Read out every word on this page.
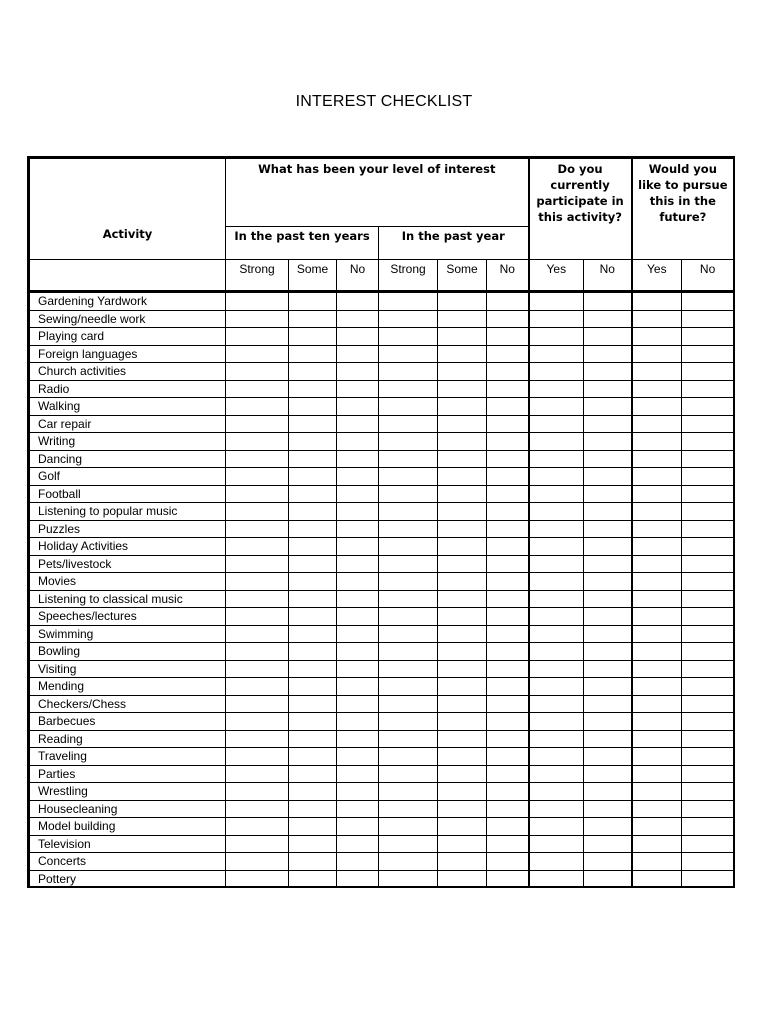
INTEREST CHECKLIST
Activity	What has been your level of interest						Do you currently participate in this activity?		Would you like to pursue this in the future?	
	In the past ten years			In the past year						
	Strong	Some	No	Strong	Some	No	Yes	No	Yes	No
Gardening Yardwork										
Sewing/needle work										
Playing card										
Foreign languages										
Church activities										
Radio										
Walking										
Car repair										
Writing										
Dancing										
Golf										
Football										
Listening to popular music										
Puzzles										
Holiday Activities										
Pets/livestock										
Movies										
Listening to classical music										
Speeches/lectures										
Swimming										
Bowling										
Visiting										
Mending										
Checkers/Chess										
Barbecues										
Reading										
Traveling										
Parties										
Wrestling										
Housecleaning										
Model building										
Television										
Concerts										
Pottery										
